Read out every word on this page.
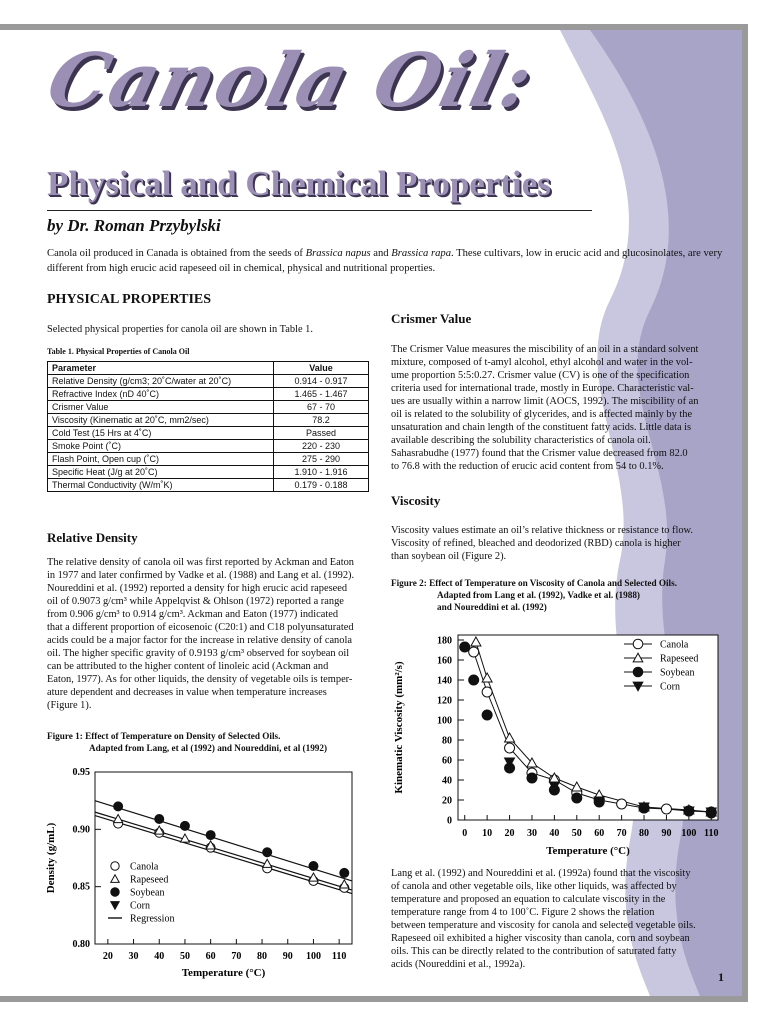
Canola Oil:
Physical and Chemical Properties
by Dr. Roman Przybylski
Canola oil produced in Canada is obtained from the seeds of Brassica napus and Brassica rapa. These cultivars, low in erucic acid and glucosinolates, are very different from high erucic acid rapeseed oil in chemical, physical and nutritional properties.
PHYSICAL PROPERTIES
Selected physical properties for canola oil are shown in Table 1.
Table 1. Physical Properties of Canola Oil
Parameter	Value
Relative Density (g/cm3; 20˚C/water at 20˚C)	0.914 - 0.917
Refractive Index (nD 40˚C)	1.465 - 1.467
Crismer Value	67 - 70
Viscosity (Kinematic at 20˚C, mm2/sec)	78.2
Cold Test (15 Hrs at 4˚C)	Passed
Smoke Point (˚C)	220 - 230
Flash Point, Open cup (˚C)	275 - 290
Specific Heat (J/g at 20˚C)	1.910 - 1.916
Thermal Conductivity (W/m˚K)	0.179 - 0.188
Relative Density
The relative density of canola oil was first reported by Ackman and Eaton
in 1977 and later confirmed by Vadke et al. (1988) and Lang et al. (1992).
Noureddini et al. (1992) reported a density for high erucic acid rapeseed
oil of 0.9073 g/cm³ while Appelqvist & Ohlson (1972) reported a range
from 0.906 g/cm³ to 0.914 g/cm³. Ackman and Eaton (1977) indicated
that a different proportion of eicosenoic (C20:1) and C18 polyunsaturated
acids could be a major factor for the increase in relative density of canola
oil. The higher specific gravity of 0.9193 g/cm³ observed for soybean oil
can be attributed to the higher content of linoleic acid (Ackman and
Eaton, 1977). As for other liquids, the density of vegetable oils is temper-
ature dependent and decreases in value when temperature increases
(Figure 1).
Figure 1: Effect of Temperature on Density of Selected Oils.
Adapted from Lang, et al (1992) and Noureddini, et al (1992)
0.80
0.85
0.90
0.95
20 30 40 50 60 70 80 90 100 110
Temperature (°C)
Density (g/mL)	Canola
Rapeseed
Soybean
Corn
Regression
Crismer Value
The Crismer Value measures the miscibility of an oil in a standard solvent
mixture, composed of t-amyl alcohol, ethyl alcohol and water in the vol-
ume proportion 5:5:0.27. Crismer value (CV) is one of the specification
criteria used for international trade, mostly in Europe. Characteristic val-
ues are usually within a narrow limit (AOCS, 1992). The miscibility of an
oil is related to the solubility of glycerides, and is affected mainly by the
unsaturation and chain length of the constituent fatty acids. Little data is
available describing the solubility characteristics of canola oil.
Sahasrabudhe (1977) found that the Crismer value decreased from 82.0
to 76.8 with the reduction of erucic acid content from 54 to 0.1%.
Viscosity
Viscosity values estimate an oil’s relative thickness or resistance to flow.
Viscosity of refined, bleached and deodorized (RBD) canola is higher
than soybean oil (Figure 2).
Figure 2: Effect of Temperature on Viscosity of Canola and Selected Oils.
Adapted from Lang et al. (1992), Vadke et al. (1988)
and Noureddini et al. (1992)
0
20
40
60
80
100
120
140
160
180
0 10 20 30 40 50 60 70 80 90 100 110
Temperature (°C)
Kinematic Viscosity (mm²/s)
Canola
Rapeseed
Soybean
Corn
Lang et al. (1992) and Noureddini et al. (1992a) found that the viscosity
of canola and other vegetable oils, like other liquids, was affected by
temperature and proposed an equation to calculate viscosity in the
temperature range from 4 to 100˚C. Figure 2 shows the relation
between temperature and viscosity for canola and selected vegetable oils.
Rapeseed oil exhibited a higher viscosity than canola, corn and soybean
oils. This can be directly related to the contribution of saturated fatty
acids (Noureddini et al., 1992a).
1
